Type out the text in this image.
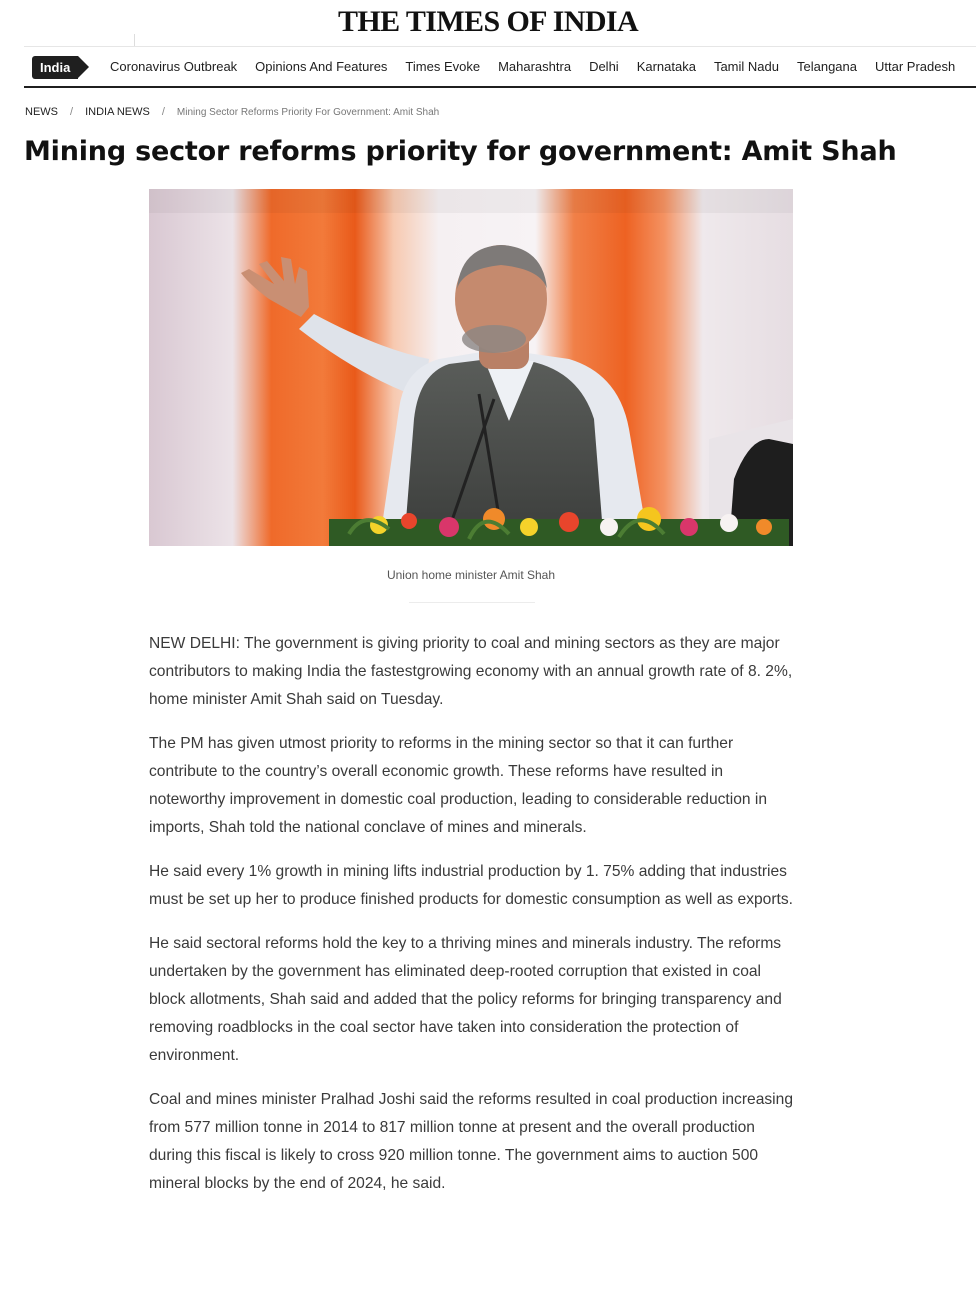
THE TIMES OF INDIA
India	Coronavirus Outbreak Opinions And Features Times Evoke Maharashtra Delhi Karnataka Tamil Nadu Telangana Uttar Pradesh
NEWS / INDIA NEWS / Mining Sector Reforms Priority For Government: Amit Shah
Mining sector reforms priority for government: Amit Shah
Union home minister Amit Shah

NEW DELHI: The government is giving priority to coal and mining sectors as they are major contributors to making India the fastestgrowing economy with an annual growth rate of 8. 2%, home minister Amit Shah said on Tuesday.

The PM has given utmost priority to reforms in the mining sector so that it can further contribute to the country’s overall economic growth. These reforms have resulted in noteworthy improvement in domestic coal production, leading to considerable reduction in imports, Shah told the national conclave of mines and minerals.

He said every 1% growth in mining lifts industrial production by 1. 75% adding that industries must be set up her to produce finished products for domestic consumption as well as exports.

He said sectoral reforms hold the key to a thriving mines and minerals industry. The reforms undertaken by the government has eliminated deep-rooted corruption that existed in coal block allotments, Shah said and added that the policy reforms for bringing transparency and removing roadblocks in the coal sector have taken into consideration the protection of environment.

Coal and mines minister Pralhad Joshi said the reforms resulted in coal production increasing from 577 million tonne in 2014 to 817 million tonne at present and the overall production during this fiscal is likely to cross 920 million tonne. The government aims to auction 500 mineral blocks by the end of 2024, he said.
